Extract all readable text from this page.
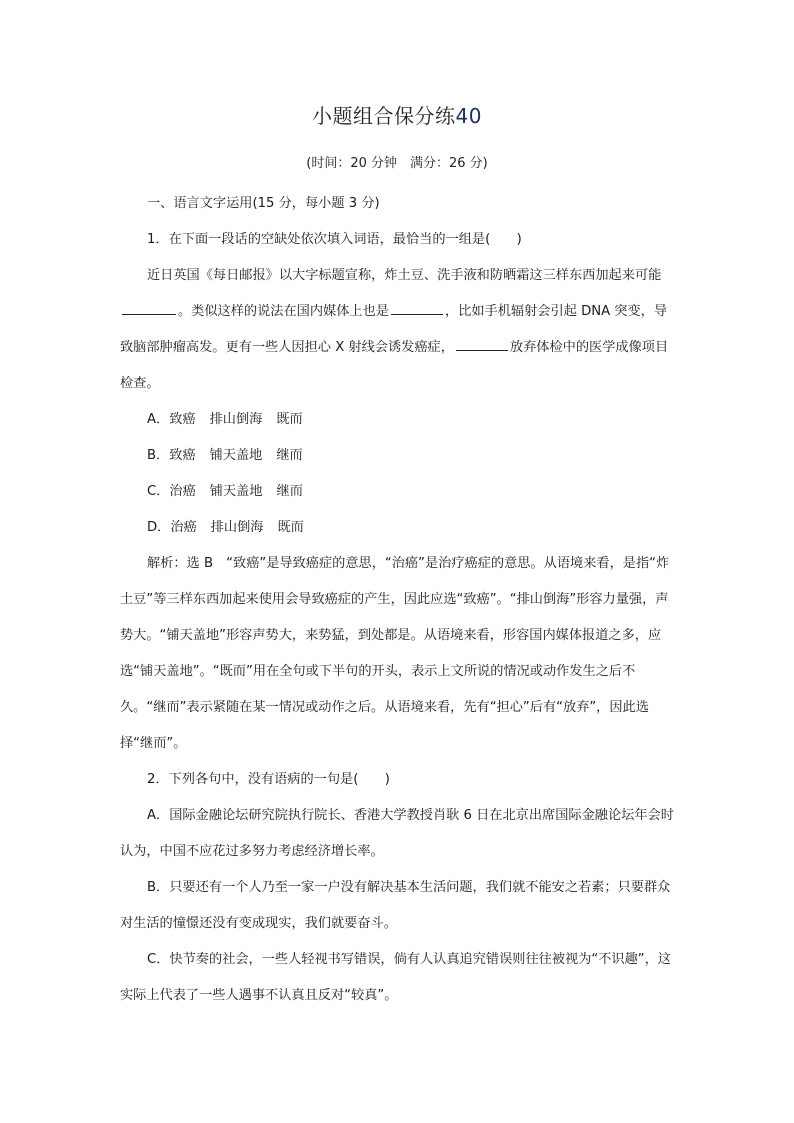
小题组合保分练40
(时间：20 分钟　满分：26 分)

一、语言文字运用(15 分，每小题 3 分)

1．在下面一段话的空缺处依次填入词语，最恰当的一组是(　　)

近日英国《每日邮报》以大字标题宣称，炸土豆、洗手液和防晒霜这三样东西加起来可能。类似这样的说法在国内媒体上也是	，比如手机辐射会引起 DNA 突变，导致脑部肿瘤高发。更有一些人因担心 X 射线会诱发癌症，	放弃体检中的医学成像项目检查。

A．致癌 排山倒海 既而

B．致癌 铺天盖地 继而

C．治癌 铺天盖地 继而

D．治癌 排山倒海 既而

解析：选 B　“致癌”是导致癌症的意思，“治癌”是治疗癌症的意思。从语境来看，是指“炸土豆”等三样东西加起来使用会导致癌症的产生，因此应选“致癌”。“排山倒海”形容力量强，声势大。“铺天盖地”形容声势大，来势猛，到处都是。从语境来看，形容国内媒体报道之多，应选“铺天盖地”。“既而”用在全句或下半句的开头，表示上文所说的情况或动作发生之后不久。“继而”表示紧随在某一情况或动作之后。从语境来看，先有“担心”后有“放弃”，因此选择“继而”。

2．下列各句中，没有语病的一句是(　　)

A．国际金融论坛研究院执行院长、香港大学教授肖耿 6 日在北京出席国际金融论坛年会时认为，中国不应花过多努力考虑经济增长率。

B．只要还有一个人乃至一家一户没有解决基本生活问题，我们就不能安之若素；只要群众对生活的憧憬还没有变成现实，我们就要奋斗。

C．快节奏的社会，一些人轻视书写错误，倘有人认真追究错误则往往被视为“不识趣”，这实际上代表了一些人遇事不认真且反对“较真”。
